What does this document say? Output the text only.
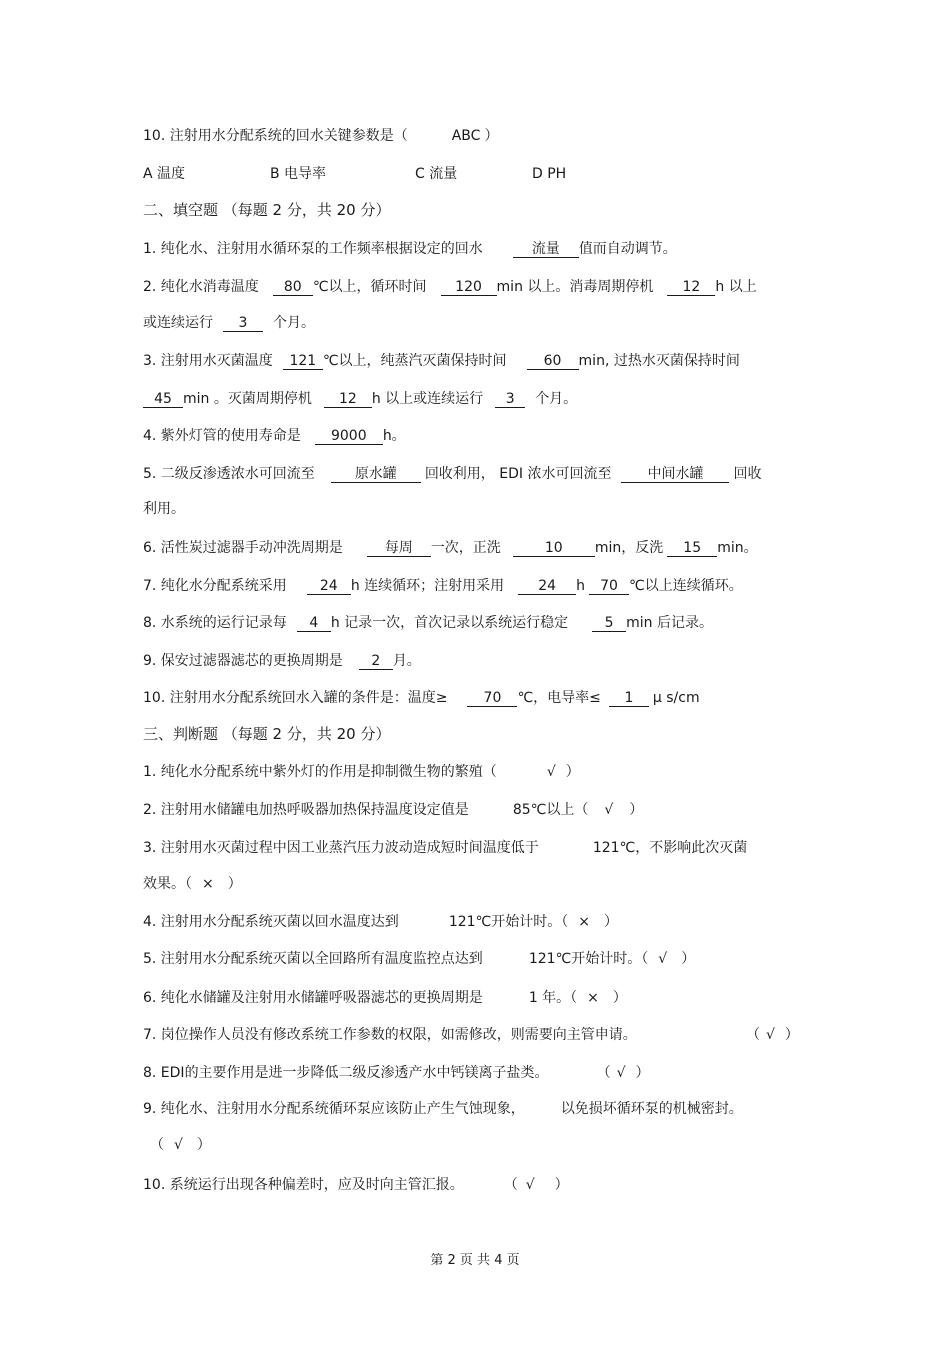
10. 注射用水分配系统的回水关键参数是（	ABC ）
A 温度	B 电导率	C 流量	D PH
二、填空题 （每题 2 分，共 20 分）
1. 纯化水、注射用水循环泵的工作频率根据设定的回水	流量 值而自动调节。
2. 纯化水消毒温度 80 ℃以上，循环时间 120 min 以上。消毒周期停机 12 h 以上
或连续运行 3 个月。
3. 注射用水灭菌温度 121 ℃以上，纯蒸汽灭菌保持时间	60 min, 过热水灭菌保持时间
45 min 。灭菌周期停机 12 h 以上或连续运行 3 个月。
4. 紫外灯管的使用寿命是 9000 h。
5. 二级反渗透浓水可回流至	原水罐 回收利用， EDI 浓水可回流至	中间水罐 回收
利用。
6. 活性炭过滤器手动冲洗周期是	每周 一次，正洗	10 min，反洗 15 min。
7. 纯化水分配系统采用 24 h 连续循环；注射用采用 24 h 70 ℃以上连续循环。
8. 水系统的运行记录每 4 h 记录一次，首次记录以系统运行稳定	5 min 后记录。
9. 保安过滤器滤芯的更换周期是 2 月。
10. 注射用水分配系统回水入罐的条件是：温度≥	70 ℃，电导率≤ 1 μ s/cm
三、判断题 （每题 2 分，共 20 分）
1. 纯化水分配系统中紫外灯的作用是抑制微生物的繁殖（	√ ）
2. 注射用水储罐电加热呼吸器加热保持温度设定值是	85℃以上（ √ ）
3. 注射用水灭菌过程中因工业蒸汽压力波动造成短时间温度低于	121℃，不影响此次灭菌
效果。（ × ）
4. 注射用水分配系统灭菌以回水温度达到	121℃开始计时。（ × ）
5. 注射用水分配系统灭菌以全回路所有温度监控点达到	121℃开始计时。（ √ ）
6. 纯化水储罐及注射用水储罐呼吸器滤芯的更换周期是	1 年。（ × ）
7. 岗位操作人员没有修改系统工作参数的权限，如需修改，则需要向主管申请。	（ √ ）
8. EDI的主要作用是进一步降低二级反渗透产水中钙镁离子盐类。	（ √ ）
9. 纯化水、注射用水分配系统循环泵应该防止产生气蚀现象，	以免损坏循环泵的机械密封。
（ √ ）
10. 系统运行出现各种偏差时，应及时向主管汇报。	（ √ ）
第 2 页 共 4 页
